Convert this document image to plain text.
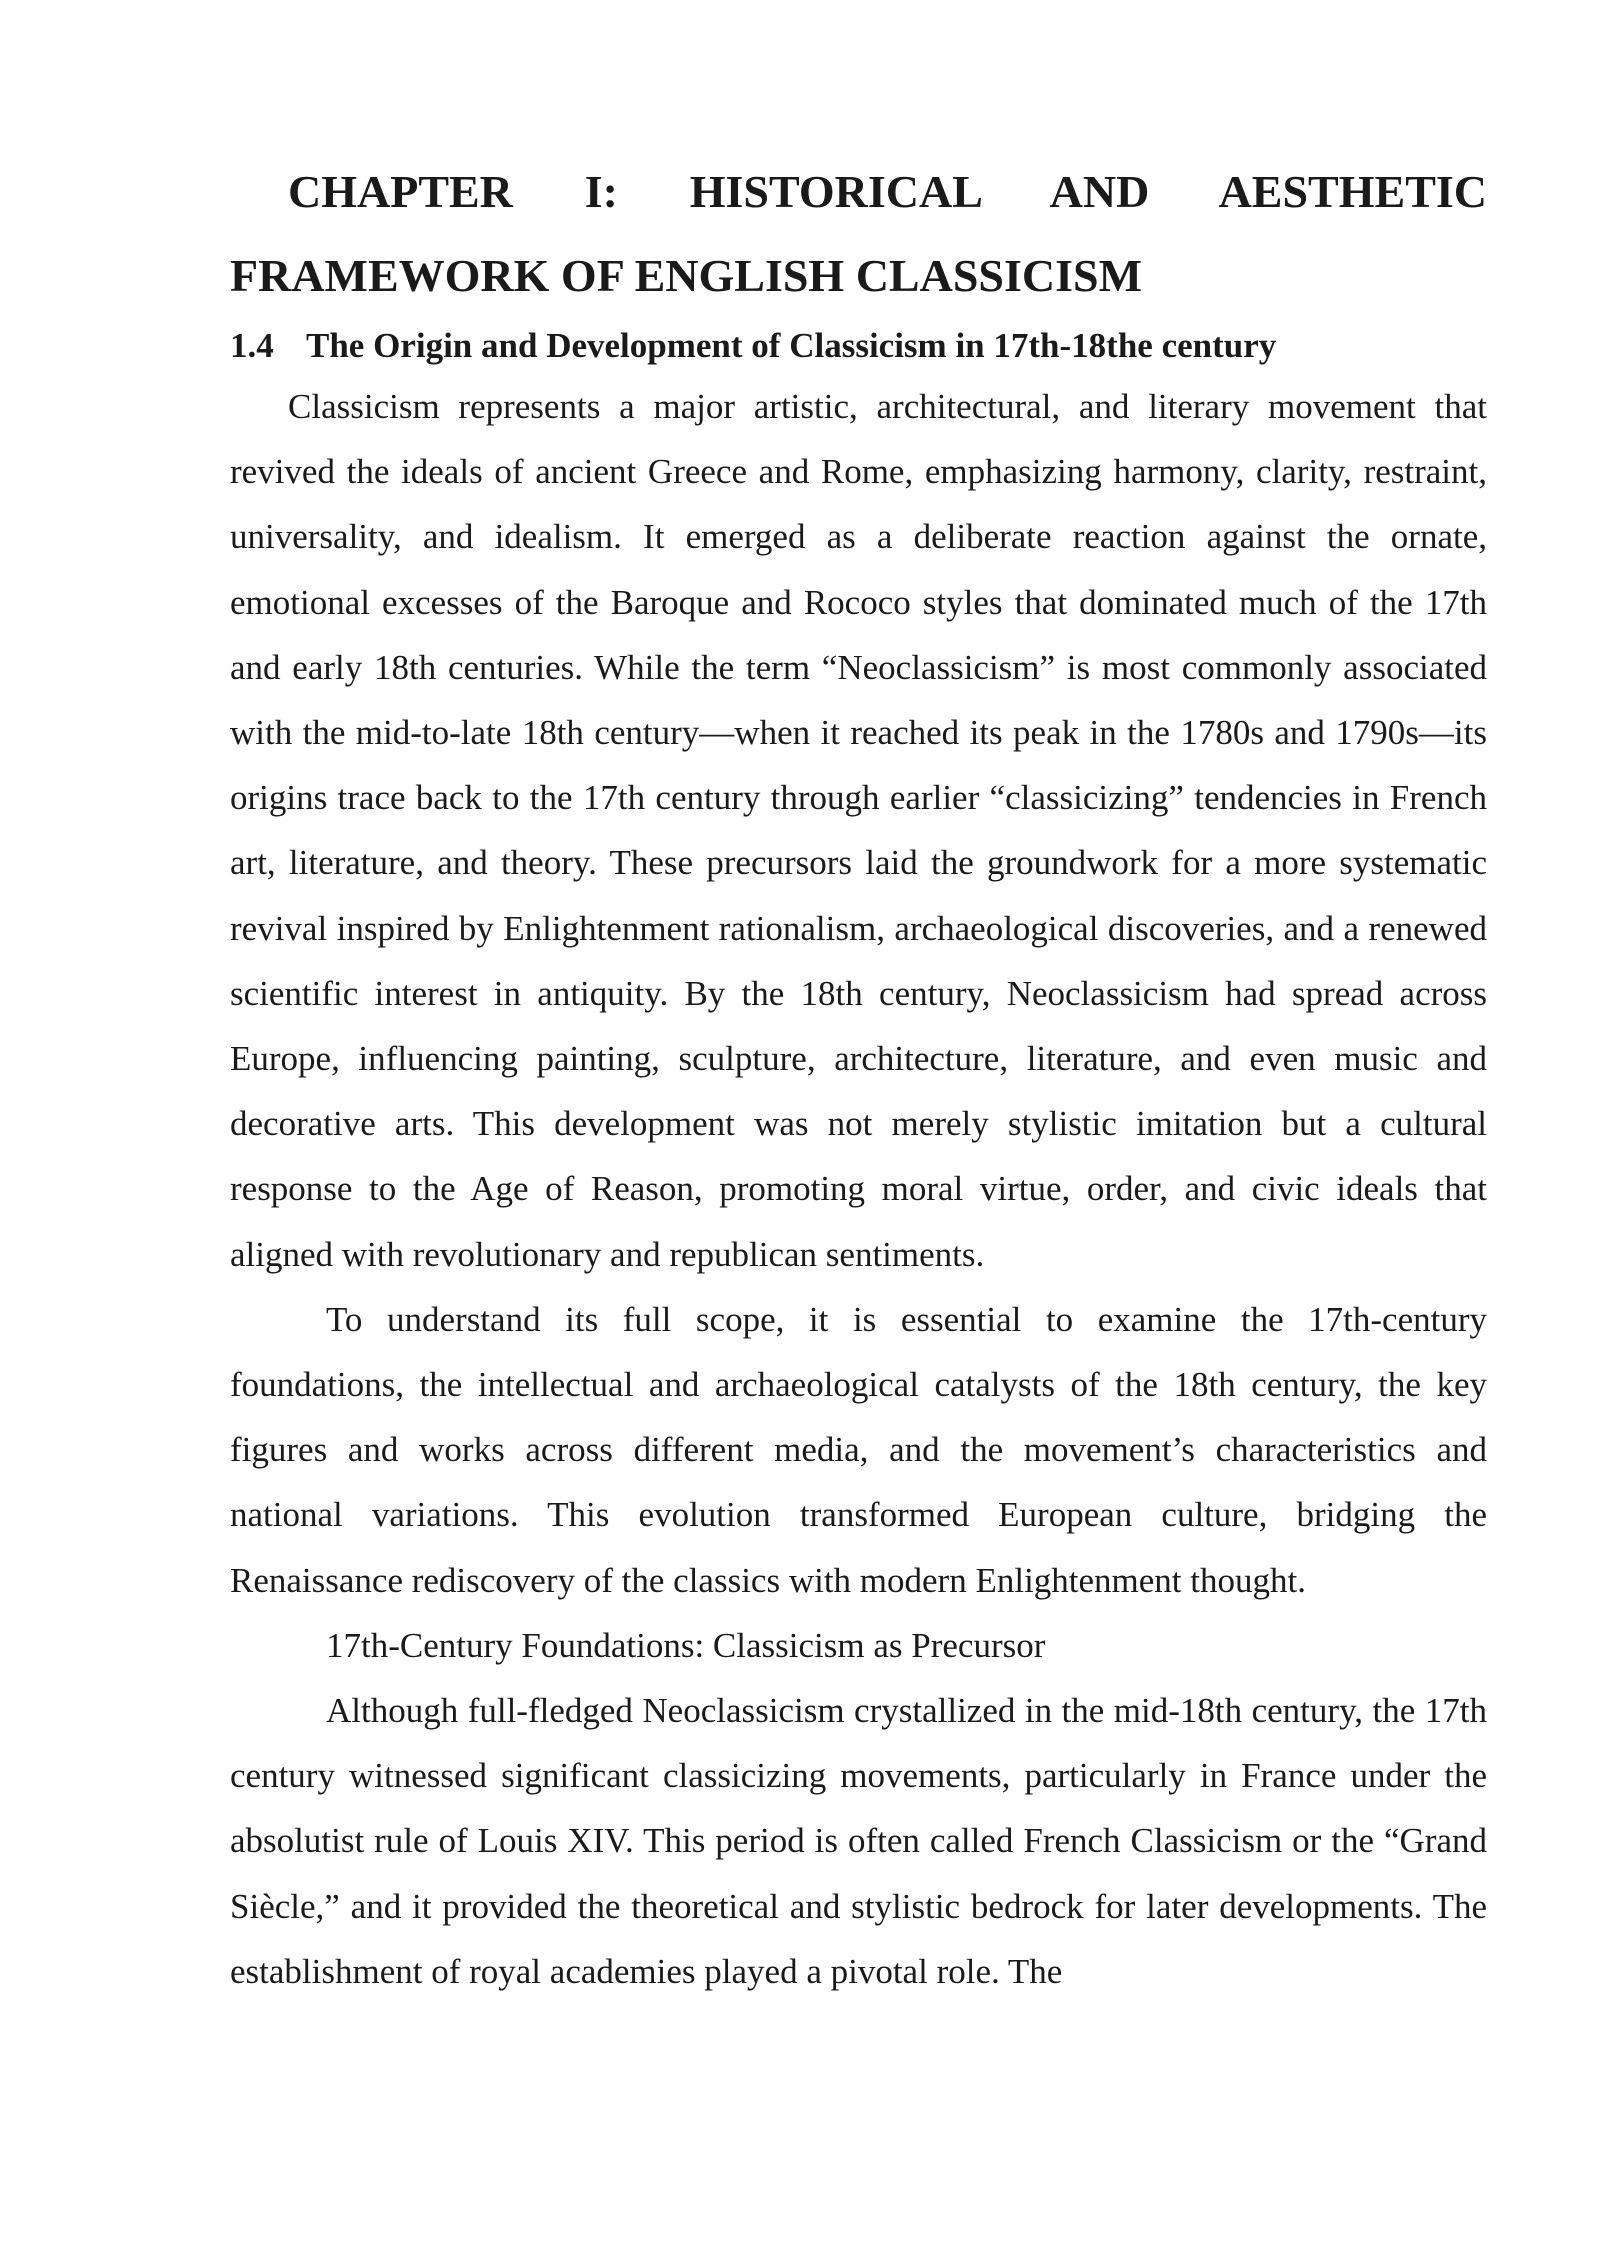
CHAPTER I: HISTORICAL AND AESTHETIC
FRAMEWORK OF ENGLISH CLASSICISM
1.4 The Origin and Development of Classicism in 17th-18the century

Classicism represents a major artistic, architectural, and literary movement that revived the ideals of ancient Greece and Rome, emphasizing harmony, clarity, restraint, universality, and idealism. It emerged as a deliberate reaction against the ornate, emotional excesses of the Baroque and Rococo styles that dominated much of the 17th and early 18th centuries. While the term “Neoclassicism” is most commonly associated with the mid-to-late 18th century—when it reached its peak in the 1780s and 1790s—its origins trace back to the 17th century through earlier “classicizing” tendencies in French art, literature, and theory. These precursors laid the groundwork for a more systematic revival inspired by Enlightenment rationalism, archaeological discoveries, and a renewed scientific interest in antiquity. By the 18th century, Neoclassicism had spread across Europe, influencing painting, sculpture, architecture, literature, and even music and decorative arts. This development was not merely stylistic imitation but a cultural response to the Age of Reason, promoting moral virtue, order, and civic ideals that aligned with revolutionary and republican sentiments.

To understand its full scope, it is essential to examine the 17th-century foundations, the intellectual and archaeological catalysts of the 18th century, the key figures and works across different media, and the movement’s characteristics and national variations. This evolution transformed European culture, bridging the Renaissance rediscovery of the classics with modern Enlightenment thought.

17th-Century Foundations: Classicism as Precursor

Although full-fledged Neoclassicism crystallized in the mid-18th century, the 17th century witnessed significant classicizing movements, particularly in France under the absolutist rule of Louis XIV. This period is often called French Classicism or the “Grand Siècle,” and it provided the theoretical and stylistic bedrock for later developments. The establishment of royal academies played a pivotal role. The
